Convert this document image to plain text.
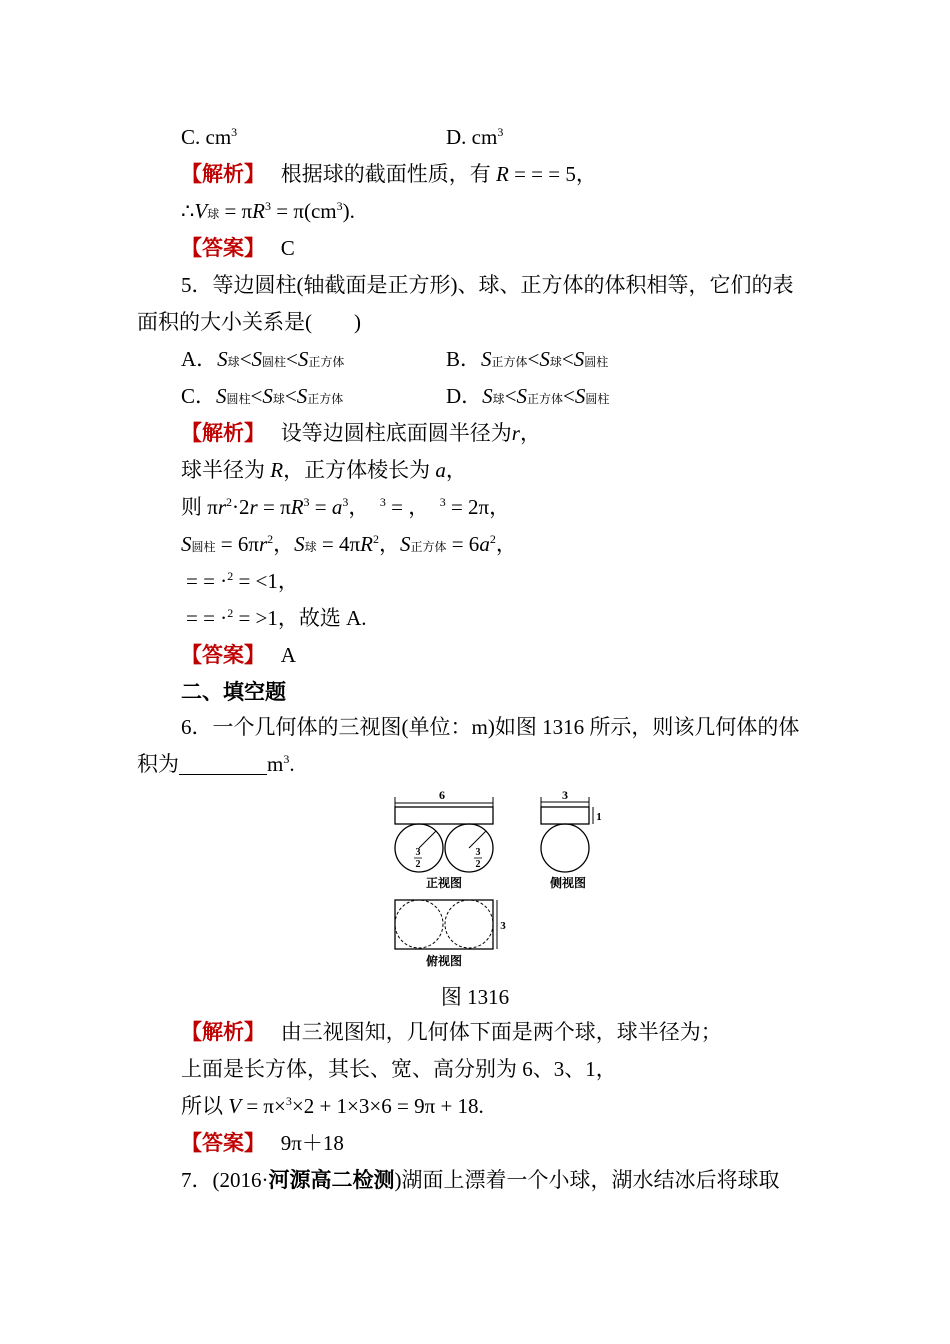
C. $cm^3$	D. $cm^3$
【解析】 根据球的截面性质，有 R = = = 5，
∴V球 = $\pi R^3 = \pi(cm^3)$.
【答案】 C
5．等边圆柱(轴截面是正方形)、球、正方体的体积相等，它们的表
面积的大小关系是(　　)
A．S球<S圆柱<S正方体	B．S正方体<S球<S圆柱
C．S圆柱<S球<S正方体	D．S球<S正方体<S圆柱
【解析】 设等边圆柱底面圆半径为r，
球半径为 R，正方体棱长为 a，
则 $\pi r^2\cdot 2r = \pi R^3 = a^3$， $^3$ = ， $^3$ = 2π，
S圆柱 = $6\pi r^2$，S球 = $4\pi R^2$，S正方体 = $6a^2$，
= = ·$^2$ = <1，
= = ·$^2$ = >1，故选 A.
【答案】 A
二、填空题
6．一个几何体的三视图(单位：m)如图 1316 所示，则该几何体的体
积为	$m^3$.
6
3
2
3
2
正视图
3
1
侧视图
3
俯视图
图 1316
【解析】 由三视图知，几何体下面是两个球，球半径为；
上面是长方体，其长、宽、高分别为 6、3、1，
所以 V = π×$^3$×2 + 1×3×6 = 9π + 18.
【答案】 9π＋18
7．(2016·河源高二检测)湖面上漂着一个小球，湖水结冰后将球取
